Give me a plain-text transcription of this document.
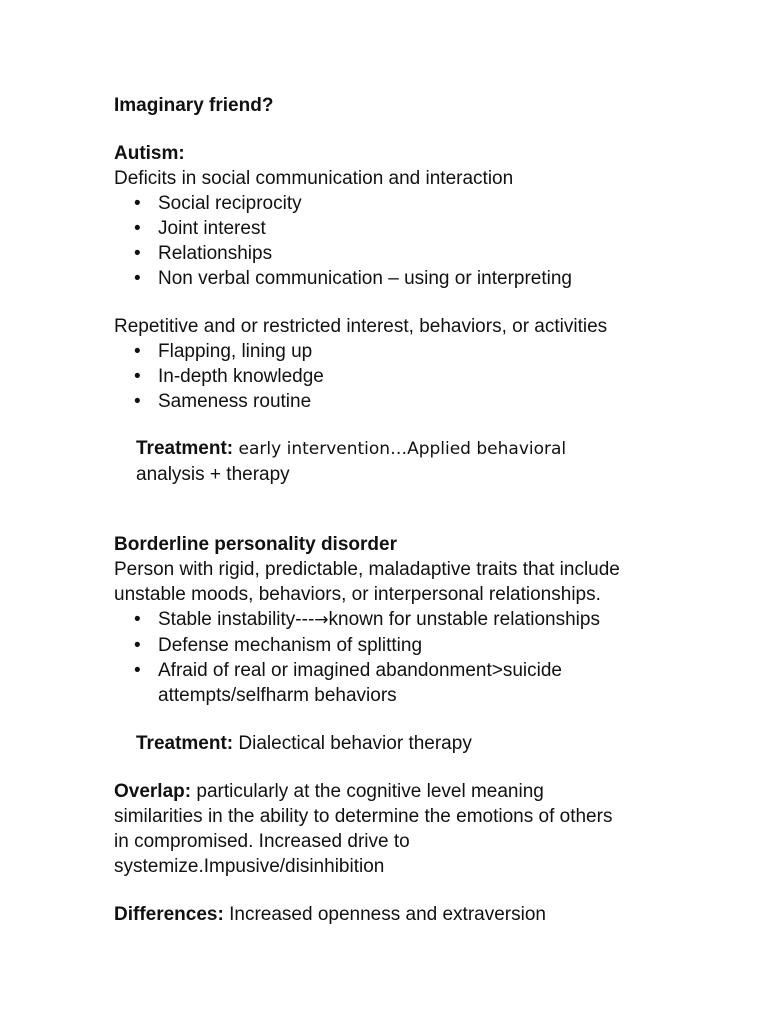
Imaginary friend?

Autism:

Deficits in social communication and interaction

• Social reciprocity
• Joint interest
• Relationships
• Non verbal communication – using or interpreting

Repetitive and or restricted interest, behaviors, or activities

• Flapping, lining up
• In-depth knowledge
• Sameness routine

Treatment: early intervention…Applied behavioral

analysis + therapy

Borderline personality disorder

Person with rigid, predictable, maladaptive traits that include unstable moods, behaviors, or interpersonal relationships.

• Stable instability---→known for unstable relationships
• Defense mechanism of splitting
• Afraid of real or imagined abandonment>suicide
attempts/selfharm behaviors

Treatment: Dialectical behavior therapy

Overlap: particularly at the cognitive level meaning
similarities in the ability to determine the emotions of others
in compromised. Increased drive to
systemize.Impusive/disinhibition

Differences: Increased openness and extraversion
